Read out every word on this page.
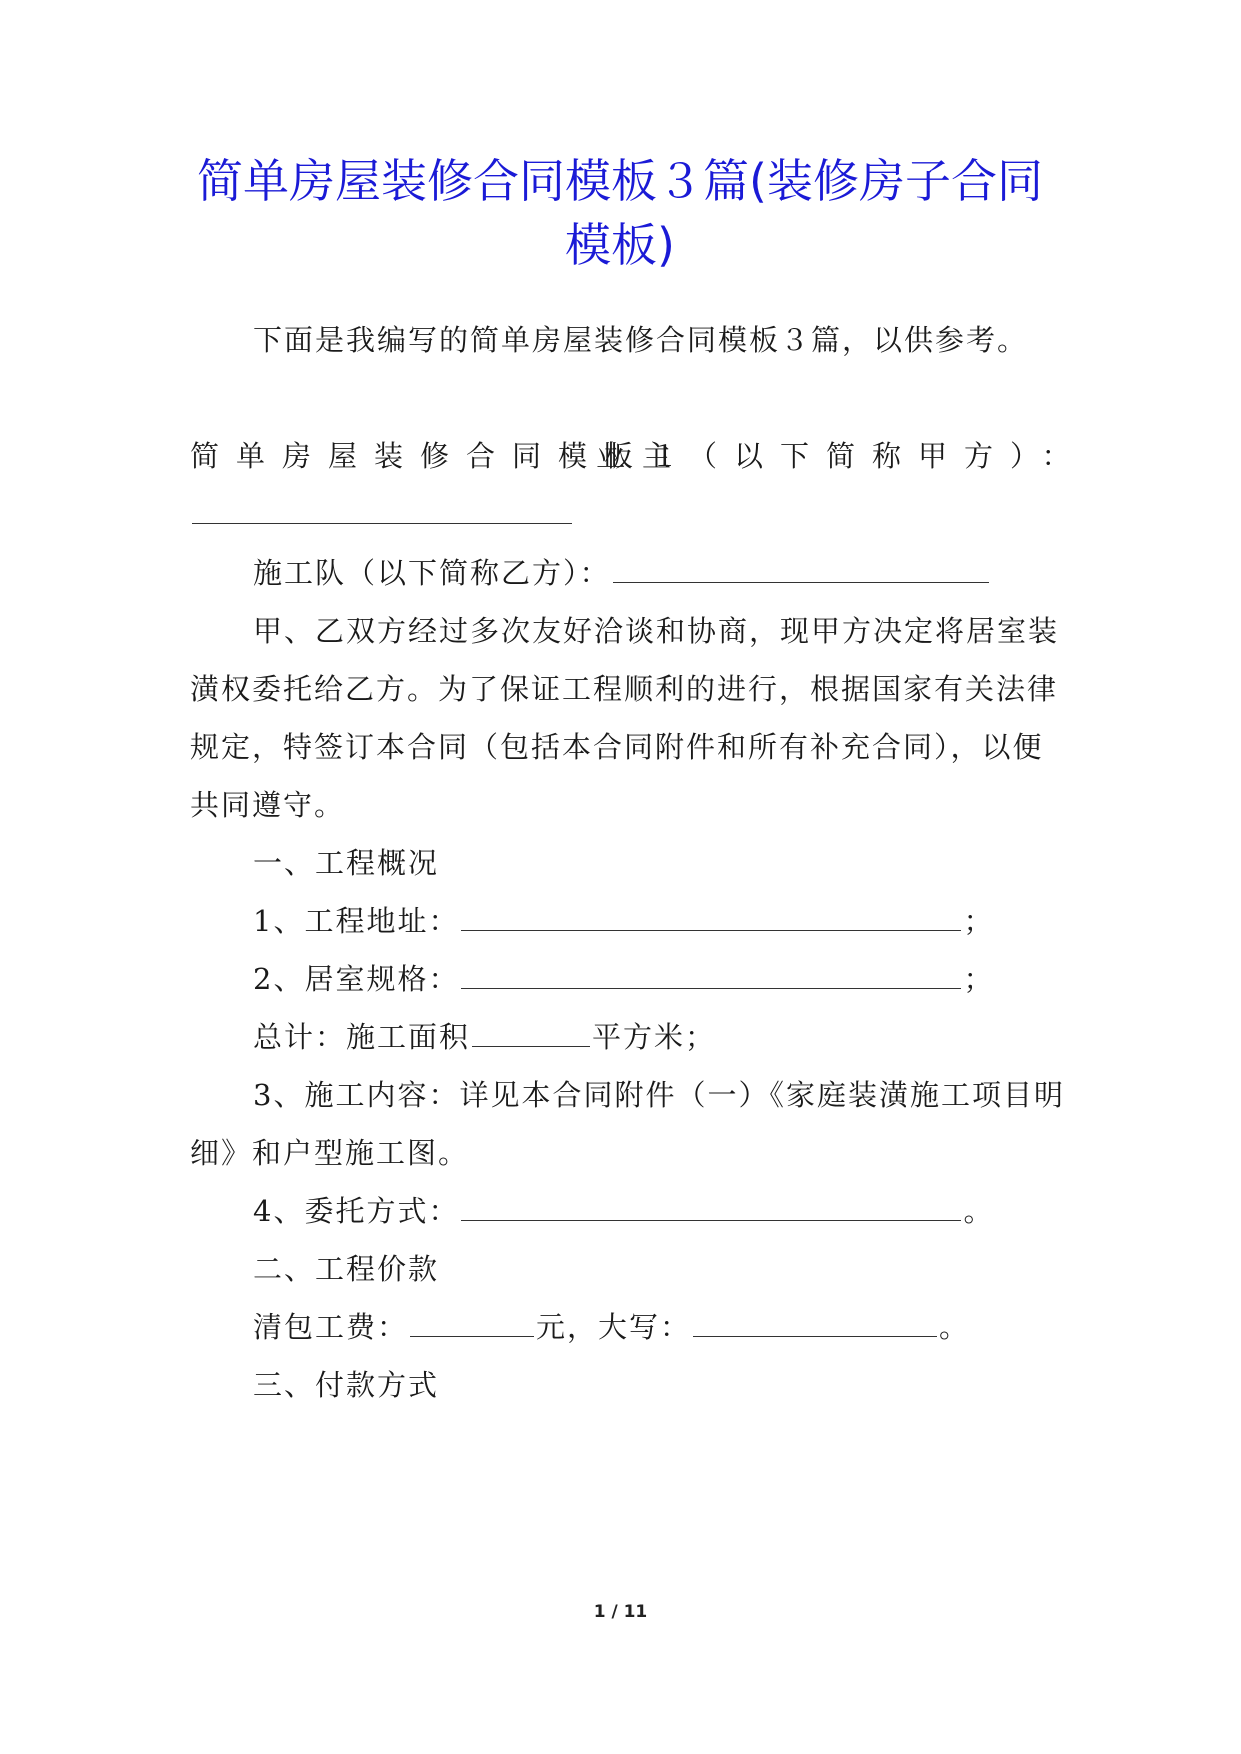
简单房屋装修合同模板３篇(装修房子合同
模板)
下面是我编写的简单房屋装修合同模板３篇，以供参考。
简单房屋装修合同模板１
业主（以下简称甲方）：
施工队（以下简称乙方）：
甲、乙双方经过多次友好洽谈和协商，现甲方决定将居室装
潢权委托给乙方。为了保证工程顺利的进行，根据国家有关法律
规定，特签订本合同（包括本合同附件和所有补充合同），以便
共同遵守。
一、工程概况
1、工程地址：	；
2、居室规格：	；
总计：施工面积	平方米；
3、施工内容：详见本合同附件（一）《家庭装潢施工项目明
细》和户型施工图。
4、委托方式：	。
二、工程价款
清包工费：	元，大写：	。
三、付款方式
1 / 11
